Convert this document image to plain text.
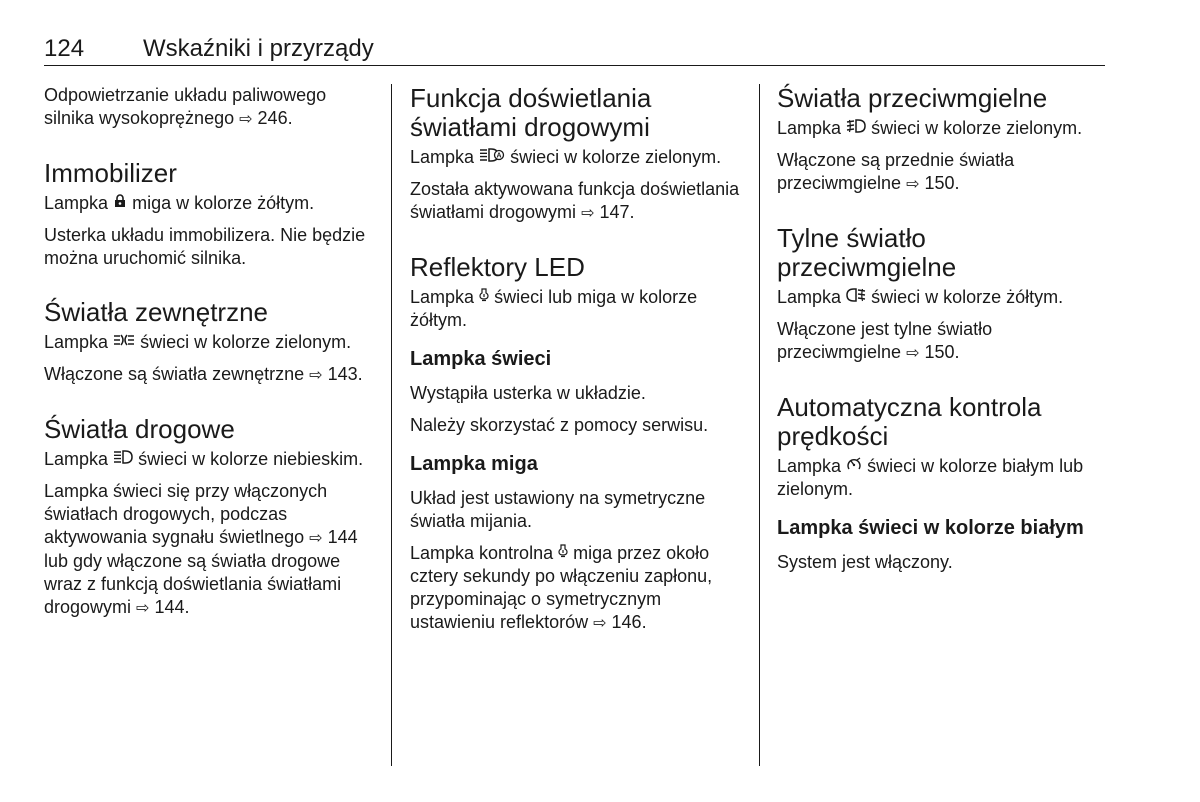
124 Wskaźniki i przyrządy

Odpowietrzanie układu paliwowego silnika wysokoprężnego ⇨ 246.

Immobilizer

Lampka miga w kolorze żółtym.

Usterka układu immobilizera. Nie będzie można uruchomić silnika.

Światła zewnętrzne

Lampka świeci w kolorze zielonym.

Włączone są światła zewnętrzne ⇨ 143.

Światła drogowe

Lampka świeci w kolorze niebieskim.

Lampka świeci się przy włączonych światłach drogowych, podczas aktywowania sygnału świetlnego ⇨ 144 lub gdy włączone są światła drogowe wraz z funkcją doświetlania światłami drogowymi ⇨ 144.

Funkcja doświetlania światłami drogowymi

Lampka	A świeci w kolorze zielonym.

Została aktywowana funkcja doświetlania światłami drogowymi ⇨ 147.

Reflektory LED

Lampka świeci lub miga w kolorze żółtym.

Lampka świeci

Wystąpiła usterka w układzie.

Należy skorzystać z pomocy serwisu.

Lampka miga

Układ jest ustawiony na symetryczne światła mijania.

Lampka kontrolna miga przez około cztery sekundy po włączeniu zapłonu, przypominając o symetrycznym ustawieniu reflektorów ⇨ 146.

Światła przeciwmgielne

Lampka świeci w kolorze zielonym.

Włączone są przednie światła przeciwmgielne ⇨ 150.

Tylne światło przeciwmgielne

Lampka świeci w kolorze żółtym.

Włączone jest tylne światło przeciwmgielne ⇨ 150.

Automatyczna kontrola prędkości

Lampka świeci w kolorze białym lub zielonym.

Lampka świeci w kolorze białym

System jest włączony.
